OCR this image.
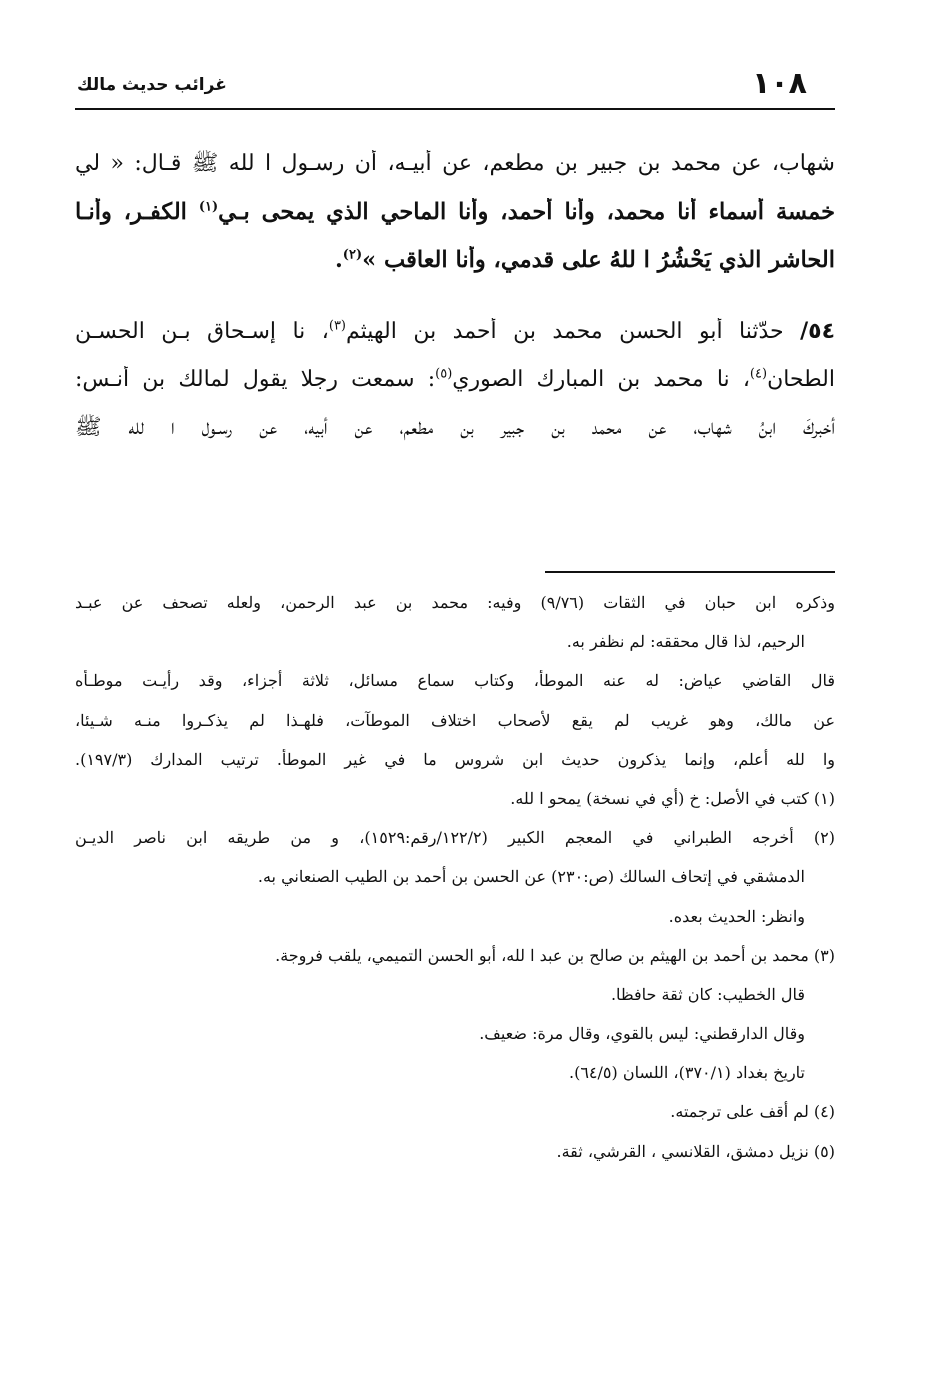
١٠٨
غرائب حديث مالك
شهاب، عن محمد بن جبير بن مطعم، عن أبيـه، أن رسـول ا لله ﷺ قـال: « لي
خمسة أسماء أنا محمد، وأنا أحمد، وأنا الماحي الذي يمحى بـي$^{(١)}$ الكفـر، وأنـا
الحاشر الذي يَحْشُرُ ا للهُ على قدمي، وأنا العاقب »$^{(٢)}$.
٥٤/ حدّثنا أبو الحسن محمد بن أحمد بن الهيثم$^{(٣)}$، نا إسـحاق بـن الحسـن
الطحان$^{(٤)}$، نا محمد بن المبارك الصوري$^{(٥)}$: سمعت رجلا يقول لمالك بن أنـس:
أخبركَ ابنُ شهاب، عن محمد بن جبير بن مطعم، عن أبيه، عن رسـول ا لله ﷺ
وذكره ابن حبان في الثقات (٩/٧٦) وفيه: محمد بن عبد الرحمن، ولعله تصحف عن عبـد
الرحيم، لذا قال محققه: لم نظفر به.
قال القاضي عياض: له عنه الموطأ، وكتاب سماع مسائل، ثلاثة أجزاء، وقد رأيـت موطـأه
عن مالك، وهو غريب لم يقع لأصحاب اختلاف الموطآت، فلهـذا لم يذكـروا منـه شـيئا،
وا لله أعلم، وإنما يذكرون حديث ابن شروس ما في غير الموطأ. ترتيب المدارك (١٩٧/٣).
(١) كتب في الأصل: خ (أي في نسخة) يمحو ا لله.
(٢) أخرجه الطبراني في المعجم الكبير (١٢٢/٢/رقم:١٥٢٩)، و من طريقه ابن ناصر الديـن
الدمشقي في إتحاف السالك (ص:٢٣٠) عن الحسن بن أحمد بن الطيب الصنعاني به.
وانظر: الحديث بعده.
(٣) محمد بن أحمد بن الهيثم بن صالح بن عبد ا لله، أبو الحسن التميمي، يلقب فروجة.
قال الخطيب: كان ثقة حافظا.
وقال الدارقطني: ليس بالقوي، وقال مرة: ضعيف.
تاريخ بغداد (٣٧٠/١)، اللسان (٦٤/٥).
(٤) لم أقف على ترجمته.
(٥) نزيل دمشق، القلانسي ، القرشي، ثقة.
